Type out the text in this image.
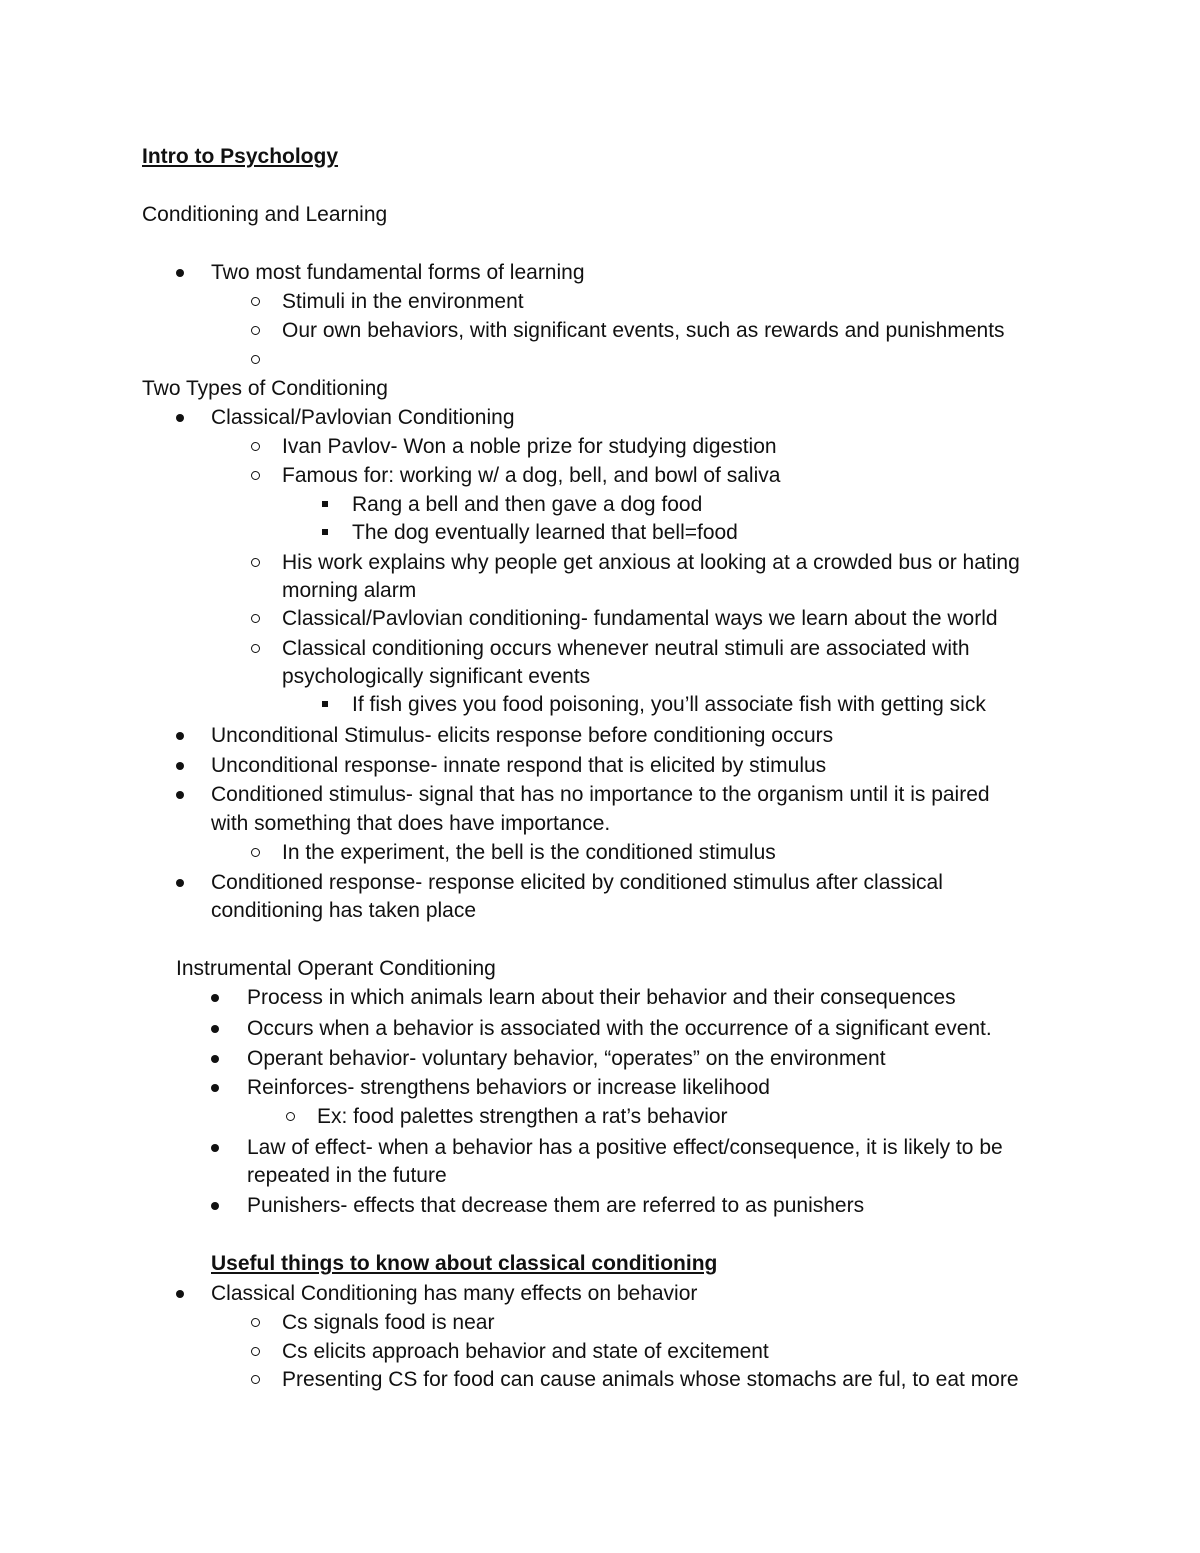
Intro to Psychology
Conditioning and Learning
Two most fundamental forms of learning
Stimuli in the environment
Our own behaviors, with significant events, such as rewards and punishments
Two Types of Conditioning
Classical/Pavlovian Conditioning
Ivan Pavlov- Won a noble prize for studying digestion
Famous for: working w/ a dog, bell, and bowl of saliva
Rang a bell and then gave a dog food
The dog eventually learned that bell=food
His work explains why people get anxious at looking at a crowded bus or hating
morning alarm
Classical/Pavlovian conditioning- fundamental ways we learn about the world
Classical conditioning occurs whenever neutral stimuli are associated with
psychologically significant events
If fish gives you food poisoning, you’ll associate fish with getting sick
Unconditional Stimulus- elicits response before conditioning occurs
Unconditional response- innate respond that is elicited by stimulus
Conditioned stimulus- signal that has no importance to the organism until it is paired
with something that does have importance.
In the experiment, the bell is the conditioned stimulus
Conditioned response- response elicited by conditioned stimulus after classical
conditioning has taken place
Instrumental Operant Conditioning
Process in which animals learn about their behavior and their consequences
Occurs when a behavior is associated with the occurrence of a significant event.
Operant behavior- voluntary behavior, “operates” on the environment
Reinforces- strengthens behaviors or increase likelihood
Ex: food palettes strengthen a rat’s behavior
Law of effect- when a behavior has a positive effect/consequence, it is likely to be
repeated in the future
Punishers- effects that decrease them are referred to as punishers
Useful things to know about classical conditioning
Classical Conditioning has many effects on behavior
Cs signals food is near
Cs elicits approach behavior and state of excitement
Presenting CS for food can cause animals whose stomachs are ful, to eat more
